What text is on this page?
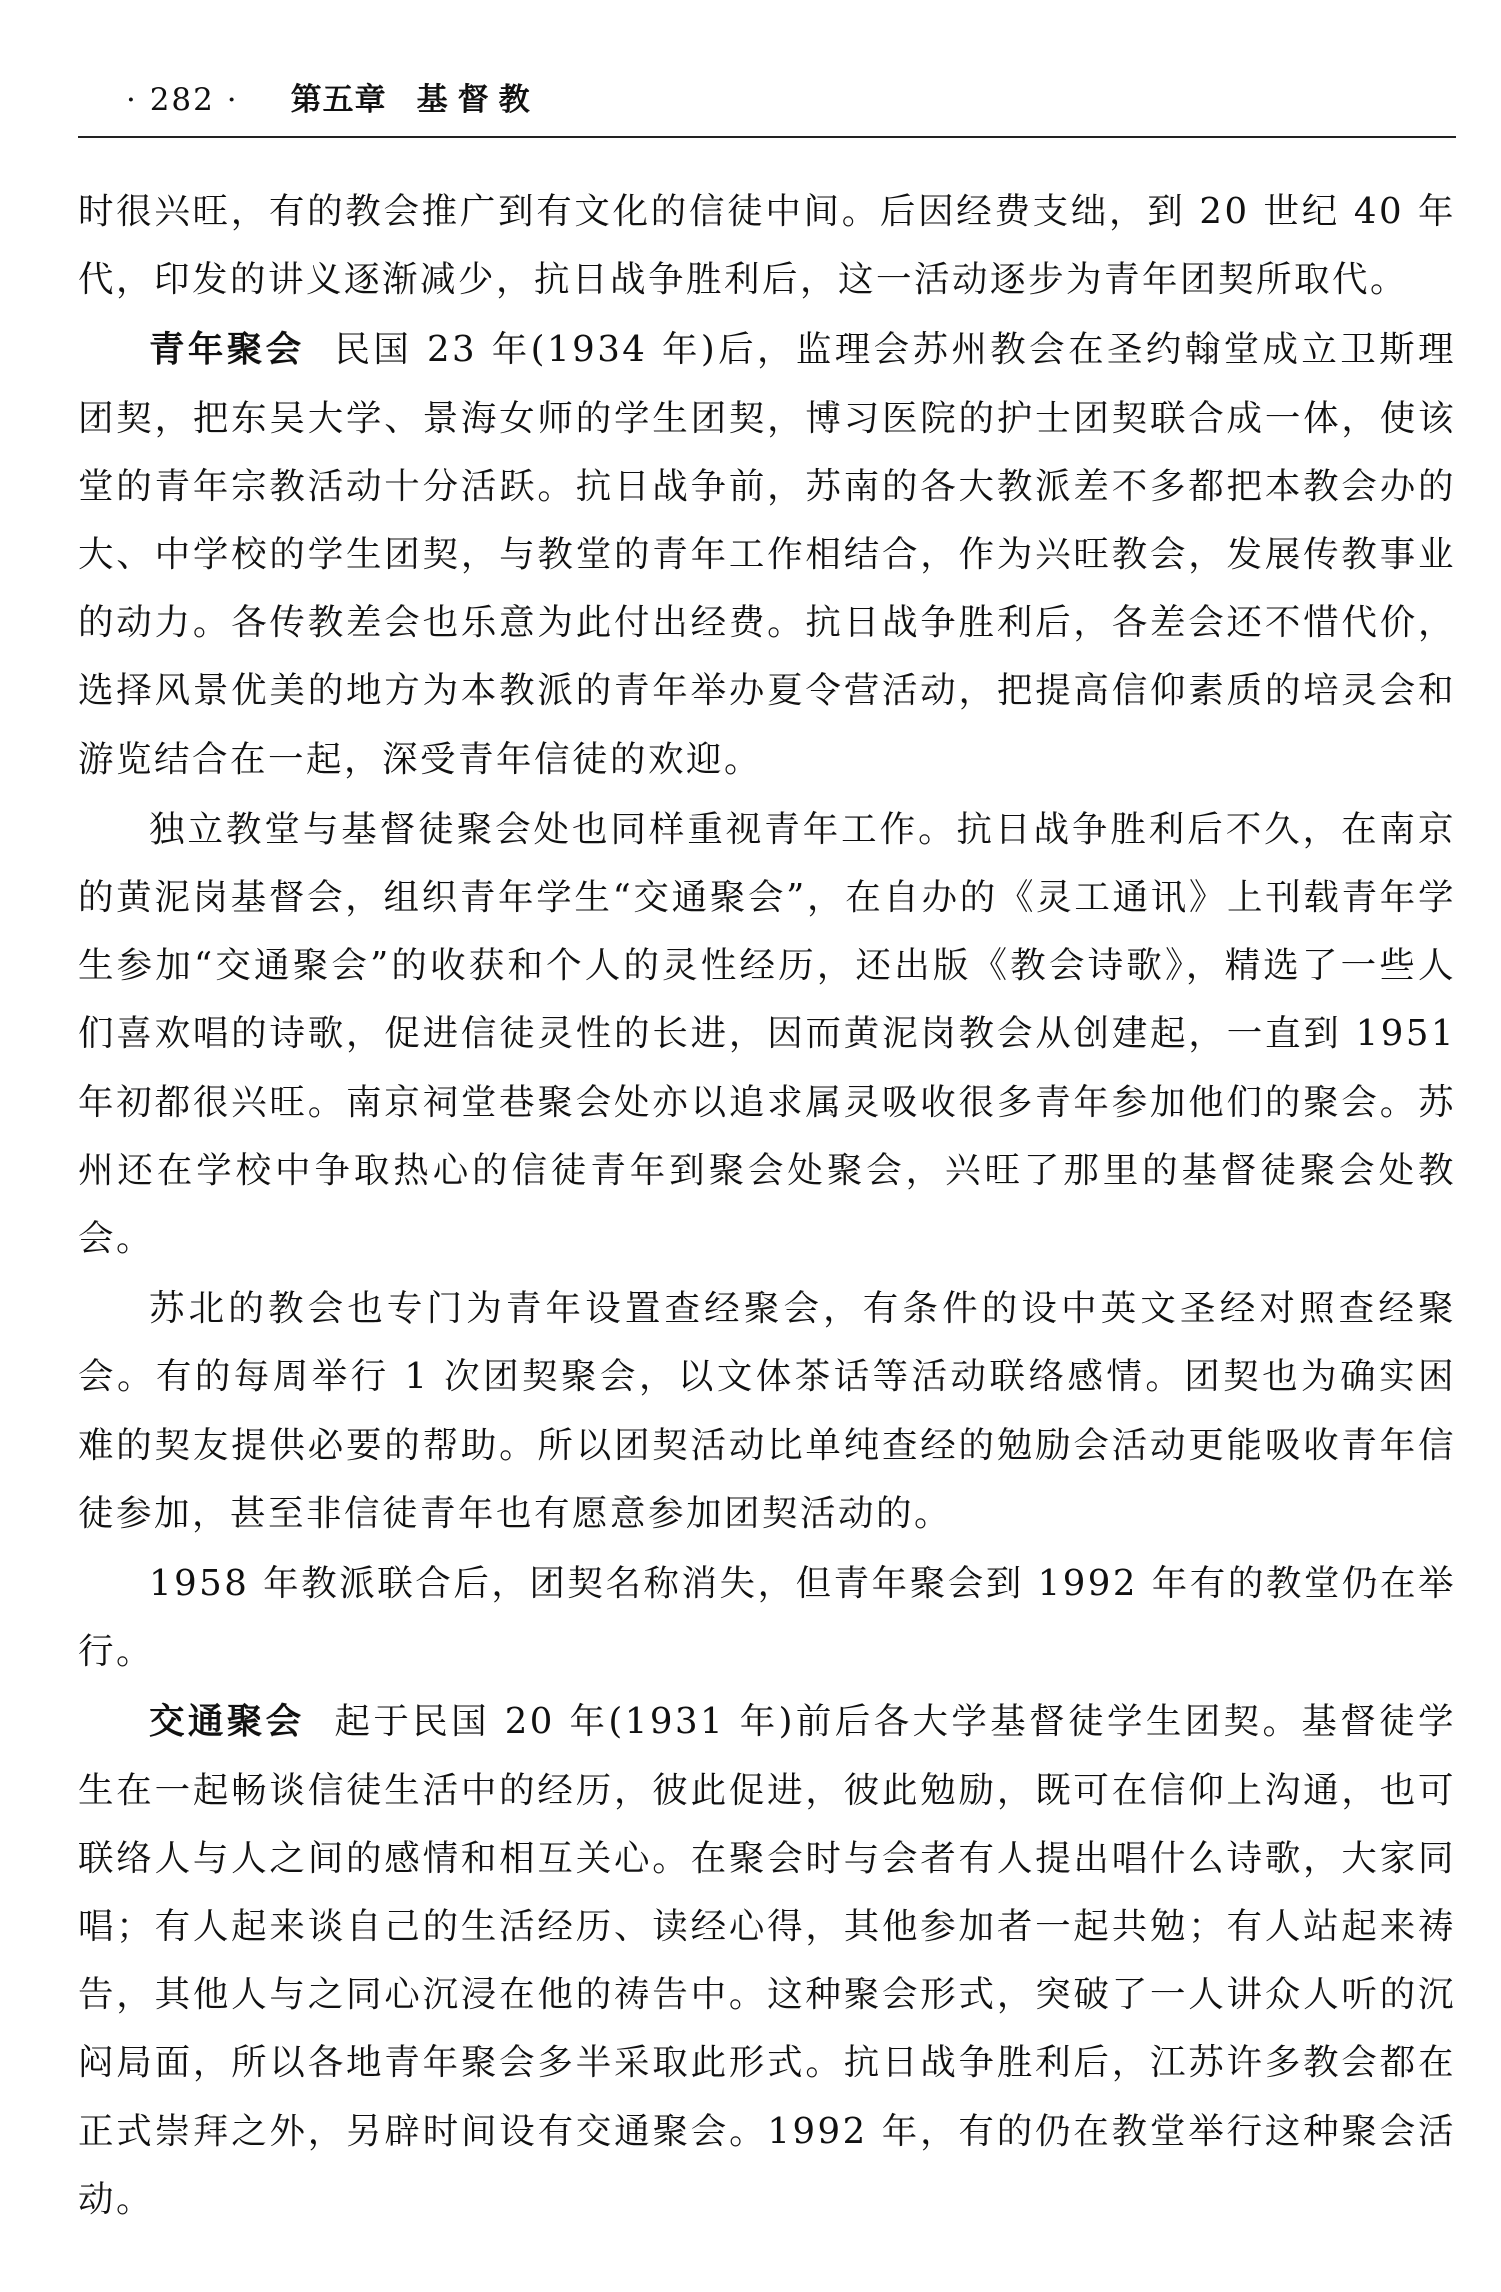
· 282 · 第五章 基督教

时很兴旺，有的教会推广到有文化的信徒中间。后因经费支绌，到 20 世纪 40 年代，印发的讲义逐渐减少，抗日战争胜利后，这一活动逐步为青年团契所取代。

青年聚会 民国 23 年(1934 年)后，监理会苏州教会在圣约翰堂成立卫斯理团契，把东吴大学、景海女师的学生团契，博习医院的护士团契联合成一体，使该堂的青年宗教活动十分活跃。抗日战争前，苏南的各大教派差不多都把本教会办的大、中学校的学生团契，与教堂的青年工作相结合，作为兴旺教会，发展传教事业的动力。各传教差会也乐意为此付出经费。抗日战争胜利后，各差会还不惜代价，选择风景优美的地方为本教派的青年举办夏令营活动，把提高信仰素质的培灵会和游览结合在一起，深受青年信徒的欢迎。

独立教堂与基督徒聚会处也同样重视青年工作。抗日战争胜利后不久，在南京的黄泥岗基督会，组织青年学生“交通聚会”，在自办的《灵工通讯》上刊载青年学生参加“交通聚会”的收获和个人的灵性经历，还出版《教会诗歌》，精选了一些人们喜欢唱的诗歌，促进信徒灵性的长进，因而黄泥岗教会从创建起，一直到 1951 年初都很兴旺。南京祠堂巷聚会处亦以追求属灵吸收很多青年参加他们的聚会。苏州还在学校中争取热心的信徒青年到聚会处聚会，兴旺了那里的基督徒聚会处教会。

苏北的教会也专门为青年设置查经聚会，有条件的设中英文圣经对照查经聚会。有的每周举行 1 次团契聚会，以文体茶话等活动联络感情。团契也为确实困难的契友提供必要的帮助。所以团契活动比单纯查经的勉励会活动更能吸收青年信徒参加，甚至非信徒青年也有愿意参加团契活动的。

1958 年教派联合后，团契名称消失，但青年聚会到 1992 年有的教堂仍在举行。

交通聚会 起于民国 20 年(1931 年)前后各大学基督徒学生团契。基督徒学生在一起畅谈信徒生活中的经历，彼此促进，彼此勉励，既可在信仰上沟通，也可联络人与人之间的感情和相互关心。在聚会时与会者有人提出唱什么诗歌，大家同唱；有人起来谈自己的生活经历、读经心得，其他参加者一起共勉；有人站起来祷告，其他人与之同心沉浸在他的祷告中。这种聚会形式，突破了一人讲众人听的沉闷局面，所以各地青年聚会多半采取此形式。抗日战争胜利后，江苏许多教会都在正式崇拜之外，另辟时间设有交通聚会。1992 年，有的仍在教堂举行这种聚会活动。
